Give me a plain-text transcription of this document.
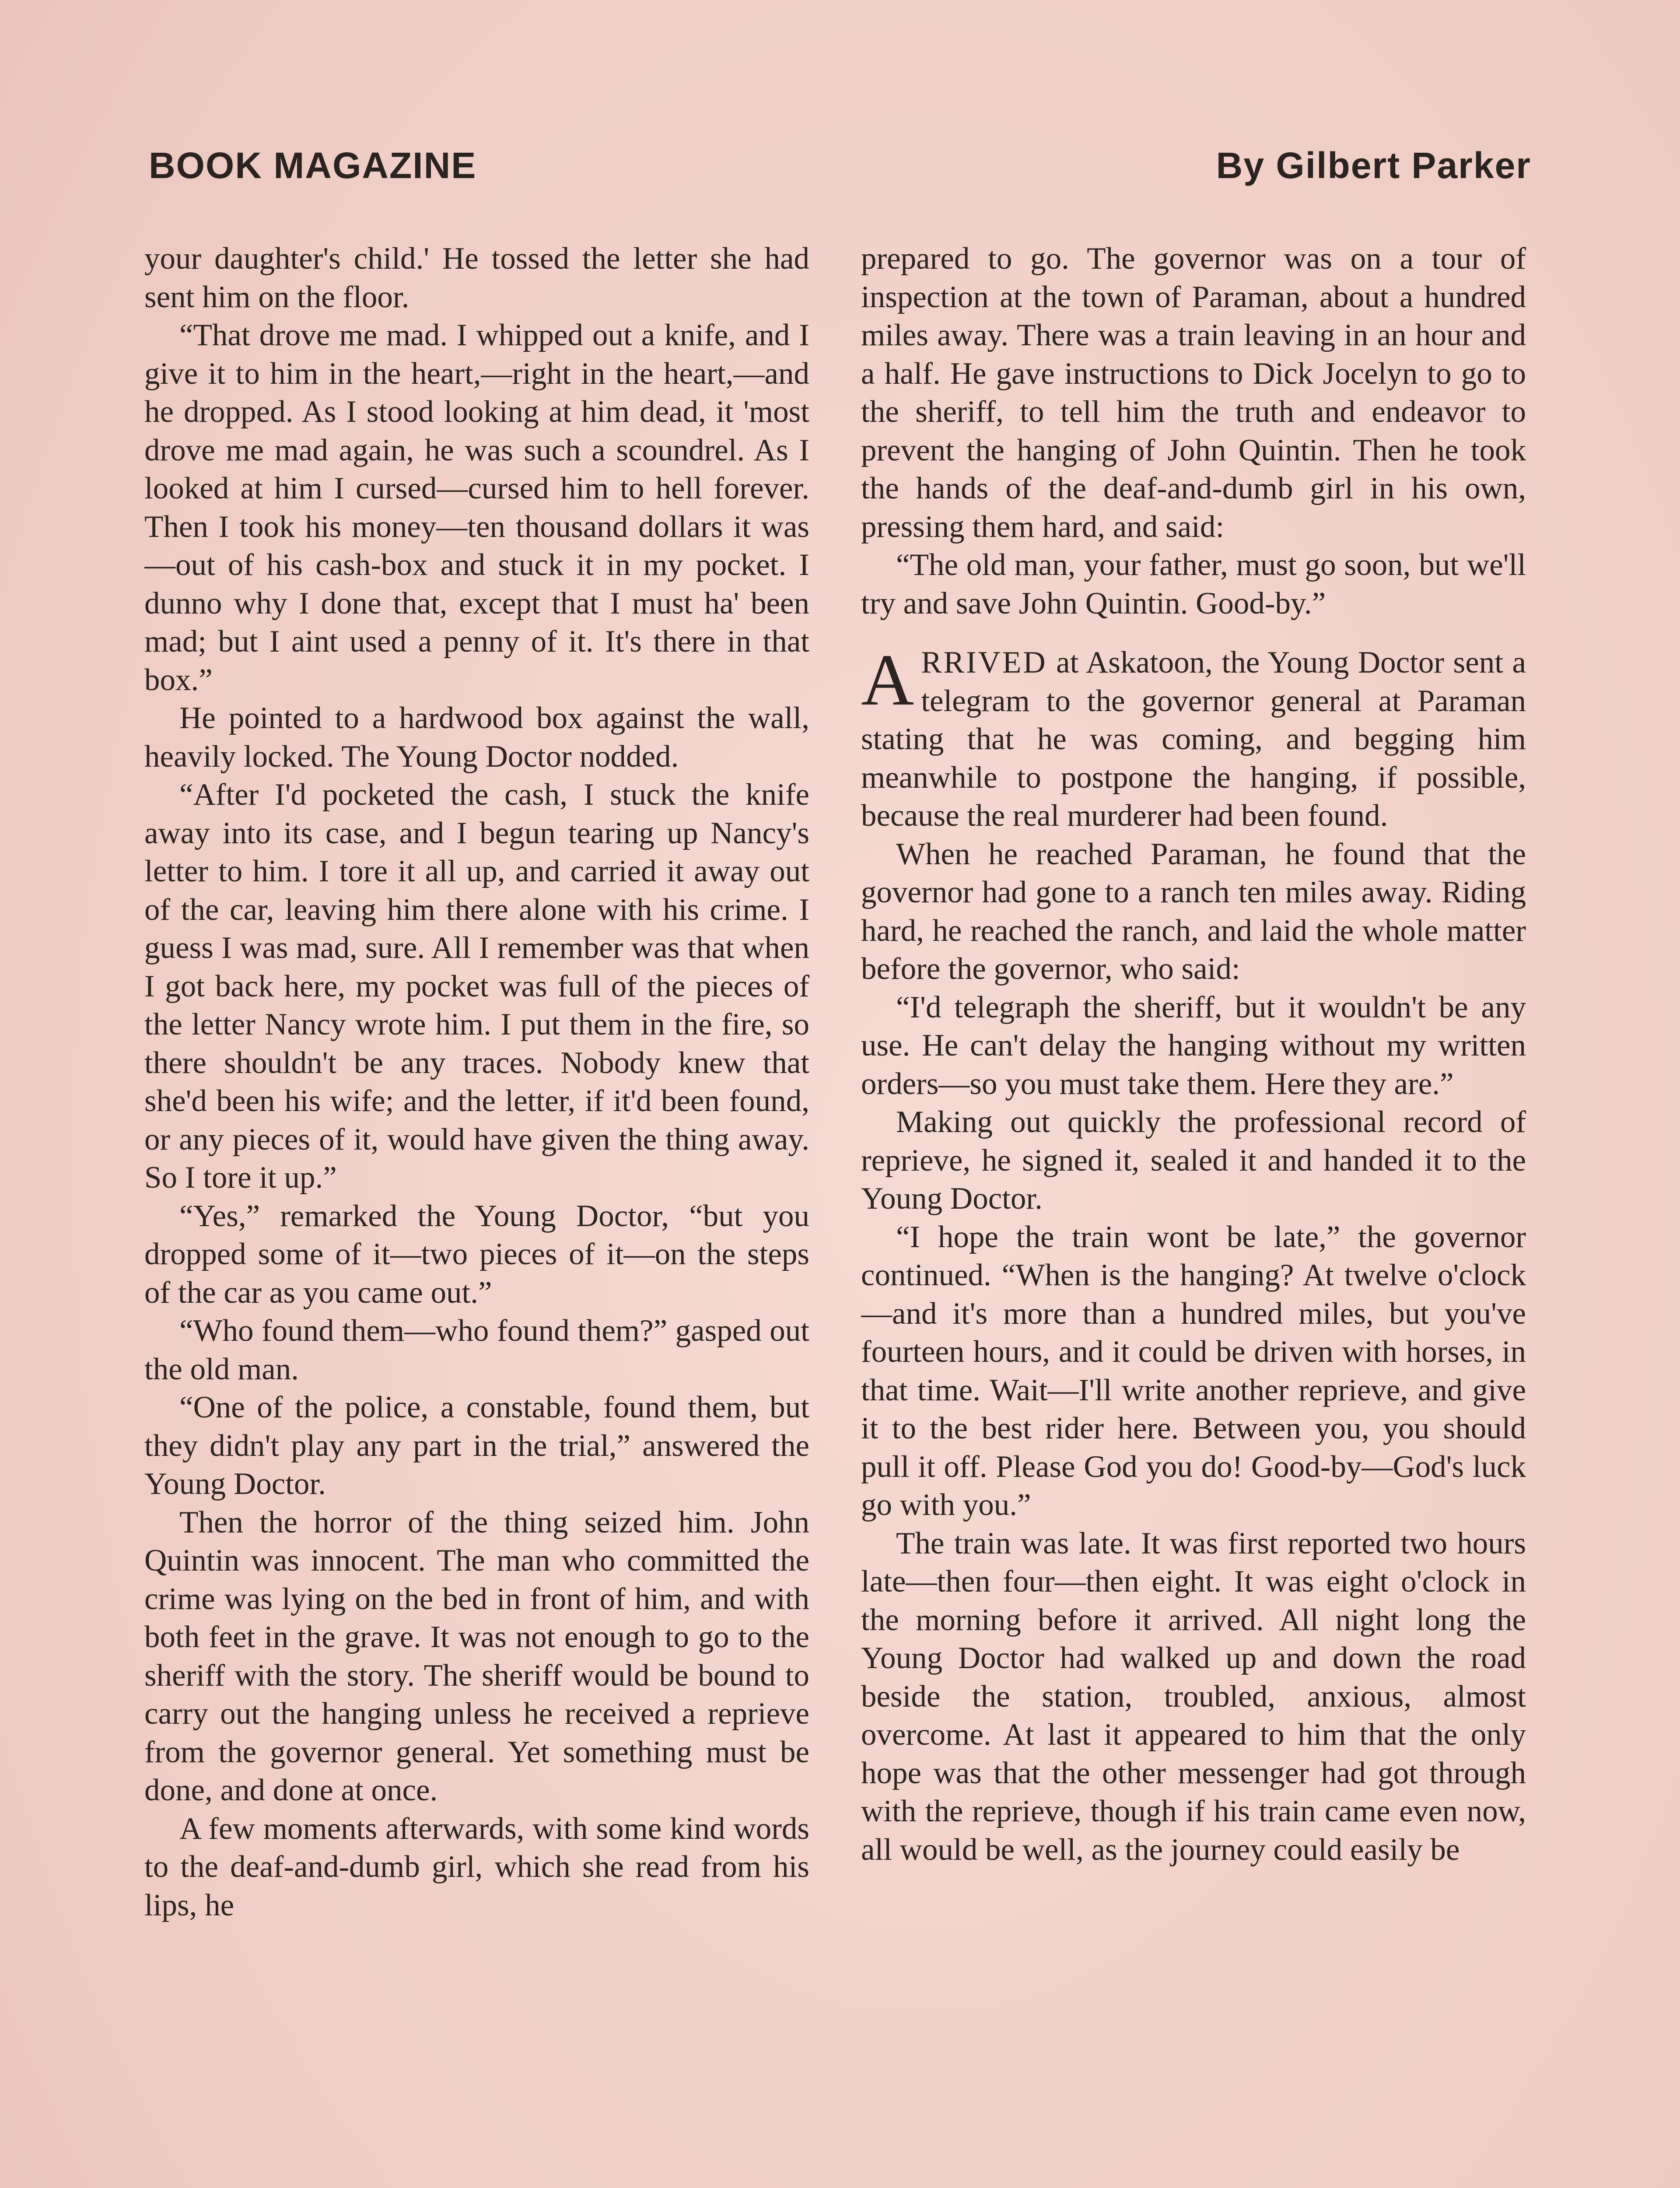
BOOK MAGAZINE	By Gilbert Parker

your daughter's child.' He tossed the letter she had sent him on the floor.

“That drove me mad. I whipped out a knife, and I give it to him in the heart,—right in the heart,—and he dropped. As I stood looking at him dead, it 'most drove me mad again, he was such a scoundrel. As I looked at him I cursed—cursed him to hell forever. Then I took his money—ten thousand dollars it was—out of his cash-box and stuck it in my pocket. I dunno why I done that, except that I must ha' been mad; but I aint used a penny of it. It's there in that box.”

He pointed to a hardwood box against the wall, heavily locked. The Young Doctor nodded.

“After I'd pocketed the cash, I stuck the knife away into its case, and I begun tearing up Nancy's letter to him. I tore it all up, and carried it away out of the car, leaving him there alone with his crime. I guess I was mad, sure. All I remember was that when I got back here, my pocket was full of the pieces of the letter Nancy wrote him. I put them in the fire, so there shouldn't be any traces. Nobody knew that she'd been his wife; and the letter, if it'd been found, or any pieces of it, would have given the thing away. So I tore it up.”

“Yes,” remarked the Young Doctor, “but you dropped some of it—two pieces of it—on the steps of the car as you came out.”

“Who found them—who found them?” gasped out the old man.

“One of the police, a constable, found them, but they didn't play any part in the trial,” answered the Young Doctor.

Then the horror of the thing seized him. John Quintin was innocent. The man who committed the crime was lying on the bed in front of him, and with both feet in the grave. It was not enough to go to the sheriff with the story. The sheriff would be bound to carry out the hanging unless he received a reprieve from the governor general. Yet something must be done, and done at once.

A few moments afterwards, with some kind words to the deaf-and-dumb girl, which she read from his lips, he

prepared to go. The governor was on a tour of inspection at the town of Paraman, about a hundred miles away. There was a train leaving in an hour and a half. He gave instructions to Dick Jocelyn to go to the sheriff, to tell him the truth and endeavor to prevent the hanging of John Quintin. Then he took the hands of the deaf-and-dumb girl in his own, pressing them hard, and said:

“The old man, your father, must go soon, but we'll try and save John Quintin. Good-by.”

ARRIVED at Askatoon, the Young Doctor sent a telegram to the governor general at Paraman stating that he was coming, and begging him meanwhile to postpone the hanging, if possible, because the real murderer had been found.

When he reached Paraman, he found that the governor had gone to a ranch ten miles away. Riding hard, he reached the ranch, and laid the whole matter before the governor, who said:

“I'd telegraph the sheriff, but it wouldn't be any use. He can't delay the hanging without my written orders—so you must take them. Here they are.”

Making out quickly the professional record of reprieve, he signed it, sealed it and handed it to the Young Doctor.

“I hope the train wont be late,” the governor continued. “When is the hanging? At twelve o'clock—and it's more than a hundred miles, but you've fourteen hours, and it could be driven with horses, in that time. Wait—I'll write another reprieve, and give it to the best rider here. Between you, you should pull it off. Please God you do! Good-by—God's luck go with you.”

The train was late. It was first reported two hours late—then four—then eight. It was eight o'clock in the morning before it arrived. All night long the Young Doctor had walked up and down the road beside the station, troubled, anxious, almost overcome. At last it appeared to him that the only hope was that the other messenger had got through with the reprieve, though if his train came even now, all would be well, as the journey could easily be
